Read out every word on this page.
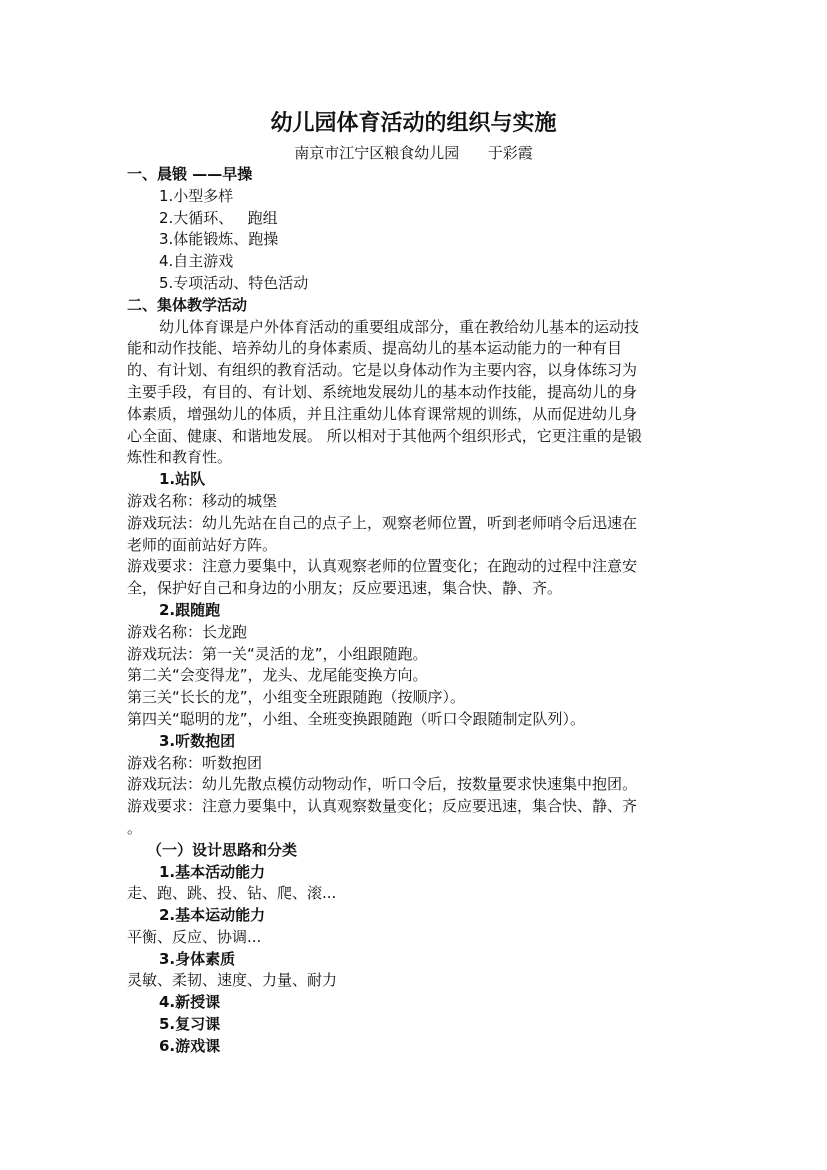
幼儿园体育活动的组织与实施
南京市江宁区粮食幼儿园      于彩霞
一、晨锻 ——早操
1.小型多样
2.大循环、   跑组
3.体能锻炼、跑操
4.自主游戏
5.专项活动、特色活动
二、集体教学活动
幼儿体育课是户外体育活动的重要组成部分，重在教给幼儿基本的运动技
能和动作技能、培养幼儿的身体素质、提高幼儿的基本运动能力的一种有目
的、有计划、有组织的教育活动。它是以身体动作为主要内容，以身体练习为
主要手段，有目的、有计划、系统地发展幼儿的基本动作技能，提高幼儿的身
体素质，增强幼儿的体质，并且注重幼儿体育课常规的训练，从而促进幼儿身
心全面、健康、和谐地发展。 所以相对于其他两个组织形式，它更注重的是锻
炼性和教育性。
1.站队
游戏名称：移动的城堡
游戏玩法：幼儿先站在自己的点子上，观察老师位置，听到老师哨令后迅速在
老师的面前站好方阵。
游戏要求：注意力要集中，认真观察老师的位置变化；在跑动的过程中注意安
全，保护好自己和身边的小朋友；反应要迅速，集合快、静、齐。
2.跟随跑
游戏名称：长龙跑
游戏玩法：第一关“灵活的龙”，小组跟随跑。
第二关“会变得龙”，龙头、龙尾能变换方向。
第三关“长长的龙”，小组变全班跟随跑（按顺序）。
第四关“聪明的龙”，小组、全班变换跟随跑（听口令跟随制定队列）。
3.听数抱团
游戏名称：听数抱团
游戏玩法：幼儿先散点模仿动物动作，听口令后，按数量要求快速集中抱团。
游戏要求：注意力要集中，认真观察数量变化；反应要迅速，集合快、静、齐
。
（一）设计思路和分类
1.基本活动能力
走、跑、跳、投、钻、爬、滚...
2.基本运动能力
平衡、反应、协调...
3.身体素质
灵敏、柔韧、速度、力量、耐力
4.新授课
5.复习课
6.游戏课
